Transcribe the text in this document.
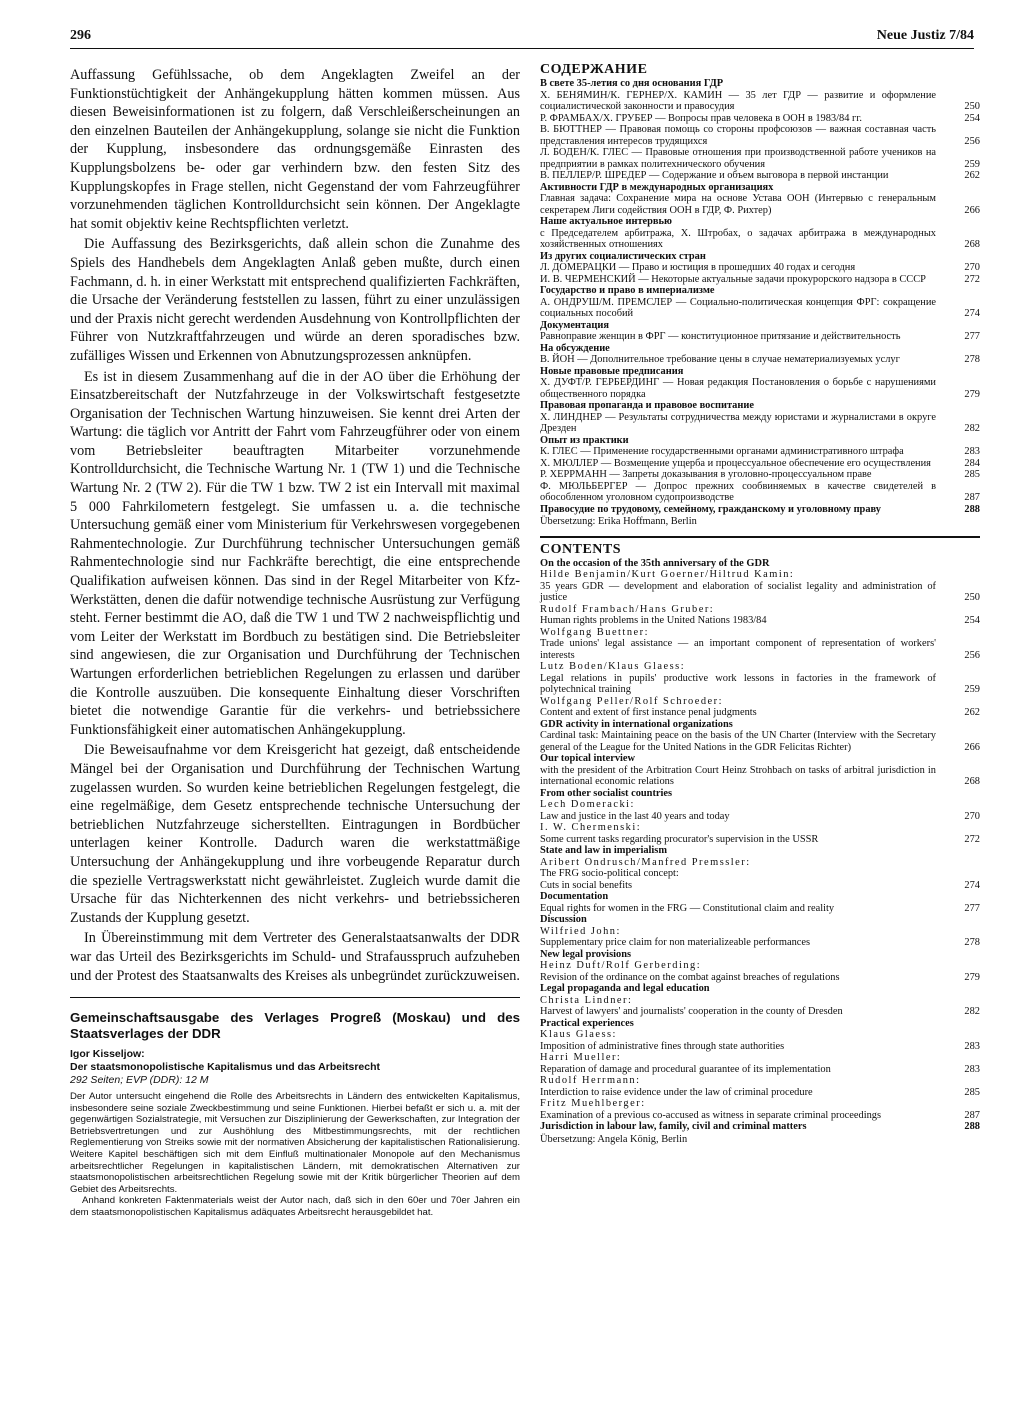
296	Neue Justiz 7/84

Auffassung Gefühlssache, ob dem Angeklagten Zweifel an der Funktionstüchtigkeit der Anhängekupplung hätten kommen müssen. Aus diesen Beweisinformationen ist zu folgern, daß Verschleißerscheinungen an den einzelnen Bauteilen der Anhängekupplung, solange sie nicht die Funktion der Kupplung, insbesondere das ordnungsgemäße Einrasten des Kupplungsbolzens be- oder gar verhindern bzw. den festen Sitz des Kupplungskopfes in Frage stellen, nicht Gegenstand der vom Fahrzeugführer vorzunehmenden täglichen Kontrolldurchsicht sein können. Der Angeklagte hat somit objektiv keine Rechtspflichten verletzt.

Die Auffassung des Bezirksgerichts, daß allein schon die Zunahme des Spiels des Handhebels dem Angeklagten Anlaß geben mußte, durch einen Fachmann, d. h. in einer Werkstatt mit entsprechend qualifizierten Fachkräften, die Ursache der Veränderung feststellen zu lassen, führt zu einer unzulässigen und der Praxis nicht gerecht werdenden Ausdehnung von Kontrollpflichten der Führer von Nutzkraftfahrzeugen und würde an deren sporadisches bzw. zufälliges Wissen und Erkennen von Abnutzungsprozessen anknüpfen.

Es ist in diesem Zusammenhang auf die in der AO über die Erhöhung der Einsatzbereitschaft der Nutzfahrzeuge in der Volkswirtschaft festgesetzte Organisation der Technischen Wartung hinzuweisen. Sie kennt drei Arten der Wartung: die täglich vor Antritt der Fahrt vom Fahrzeugführer oder von einem vom Betriebsleiter beauftragten Mitarbeiter vorzunehmende Kontrolldurchsicht, die Technische Wartung Nr. 1 (TW 1) und die Technische Wartung Nr. 2 (TW 2). Für die TW 1 bzw. TW 2 ist ein Intervall mit maximal 5 000 Fahrkilometern festgelegt. Sie umfassen u. a. die technische Untersuchung gemäß einer vom Ministerium für Verkehrswesen vorgegebenen Rahmentechnologie. Zur Durchführung technischer Untersuchungen gemäß Rahmentechnologie sind nur Fachkräfte berechtigt, die eine entsprechende Qualifikation aufweisen können. Das sind in der Regel Mitarbeiter von Kfz-Werkstätten, denen die dafür notwendige technische Ausrüstung zur Verfügung steht. Ferner bestimmt die AO, daß die TW 1 und TW 2 nachweispflichtig und vom Leiter der Werkstatt im Bordbuch zu bestätigen sind. Die Betriebsleiter sind angewiesen, die zur Organisation und Durchführung der Technischen Wartungen erforderlichen betrieblichen Regelungen zu erlassen und darüber die Kontrolle auszuüben. Die konsequente Einhaltung dieser Vorschriften bietet die notwendige Garantie für die verkehrs- und betriebssichere Funktionsfähigkeit einer automatischen Anhängekupplung.

Die Beweisaufnahme vor dem Kreisgericht hat gezeigt, daß entscheidende Mängel bei der Organisation und Durchführung der Technischen Wartung zugelassen wurden. So wurden keine betrieblichen Regelungen festgelegt, die eine regelmäßige, dem Gesetz entsprechende technische Untersuchung der betrieblichen Nutzfahrzeuge sicherstellten. Eintragungen in Bordbücher unterlagen keiner Kontrolle. Dadurch waren die werkstattmäßige Untersuchung der Anhängekupplung und ihre vorbeugende Reparatur durch die spezielle Vertragswerkstatt nicht gewährleistet. Zugleich wurde damit die Ursache für das Nichterkennen des nicht verkehrs- und betriebssicheren Zustands der Kupplung gesetzt.

In Übereinstimmung mit dem Vertreter des Generalstaatsanwalts der DDR war das Urteil des Bezirksgerichts im Schuld- und Strafausspruch aufzuheben und der Protest des Staatsanwalts des Kreises als unbegründet zurückzuweisen.

Gemeinschaftsausgabe des Verlages Progreß (Moskau) und des Staatsverlages der DDR
Igor Kisseljow:
Der staatsmonopolistische Kapitalismus und das Arbeitsrecht
292 Seiten; EVP (DDR): 12 M

Der Autor untersucht eingehend die Rolle des Arbeitsrechts in Ländern des entwickelten Kapitalismus, insbesondere seine soziale Zweckbestimmung und seine Funktionen. Hierbei befaßt er sich u. a. mit der gegenwärtigen Sozialstrategie, mit Versuchen zur Disziplinierung der Gewerkschaften, zur Integration der Betriebsvertretungen und zur Aushöhlung des Mitbestimmungsrechts, mit der rechtlichen Reglementierung von Streiks sowie mit der normativen Absicherung der kapitalistischen Rationalisierung. Weitere Kapitel beschäftigen sich mit dem Einfluß multinationaler Monopole auf den Mechanismus arbeitsrechtlicher Regelungen in kapitalistischen Ländern, mit demokratischen Alternativen zur staatsmonopolistischen arbeitsrechtlichen Regelung sowie mit der Kritik bürgerlicher Theorien auf dem Gebiet des Arbeitsrechts.

Anhand konkreten Faktenmaterials weist der Autor nach, daß sich in den 60er und 70er Jahren ein dem staatsmonopolistischen Kapitalismus adäquates Arbeitsrecht herausgebildet hat.

СОДЕРЖАНИЕ
В свете 35-летия со дня основания ГДР
Х. БЕНЯМИН/К. ГЕРНЕР/Х. КАМИН — 35 лет ГДР — развитие и оформление социалистической законности и правосудия	250
Р. ФРАМБАХ/Х. ГРУБЕР — Вопросы прав человека в ООН в 1983/84 гг.	254
В. БЮТТНЕР — Правовая помощь со стороны профсоюзов — важная составная часть представления интересов трудящихся	256
Л. БОДЕН/К. ГЛЕС — Правовые отношения при производственной работе учеников на предприятии в рамках политехнического обучения	259
В. ПЕЛЛЕР/Р. ШРЕДЕР — Содержание и объем выговора в первой инстанции	262
Активности ГДР в международных организациях
Главная задача: Сохранение мира на основе Устава ООН (Интервью с генеральным секретарем Лиги содействия ООН в ГДР, Ф. Рихтер)	266
Наше актуальное интервью
с Председателем арбитража, Х. Штробах, о задачах арбитража в международных хозяйственных отношениях	268
Из других социалистических стран
Л. ДОМЕРАЦКИ — Право и юстиция в прошедших 40 годах и сегодня	270
И. В. ЧЕРМЕНСКИЙ — Некоторые актуальные задачи прокурорского надзора в СССР	272
Государство и право в империализме
А. ОНДРУШ/М. ПРЕМСЛЕР — Социально-политическая концепция ФРГ: сокращение социальных пособий	274
Документация
Равноправие женщин в ФРГ — конституционное притязание и действительность	277
На обсуждение
В. ЙОН — Дополнительное требование цены в случае нематериализуемых услуг	278
Новые правовые предписания
Х. ДУФТ/Р. ГЕРБЕРДИНГ — Новая редакция Постановления о борьбе с нарушениями общественного порядка	279
Правовая пропаганда и правовое воспитание
Х. ЛИНДНЕР — Результаты сотрудничества между юристами и журналистами в округе Дрезден	282
Опыт из практики
К. ГЛЕС — Применение государственными органами административного штрафа	283
Х. МЮЛЛЕР — Возмещение ущерба и процессуальное обеспечение его осуществления	284
Р. ХЕРРМАНН — Запреты доказывания в уголовно-процессуальном праве	285
Ф. МЮЛЬБЕРГЕР — Допрос прежних сообвиняемых в качестве свидетелей в обособленном уголовном судопроизводстве	287
Правосудие по трудовому, семейному, гражданскому и уголовному праву	288
Übersetzung: Erika Hoffmann, Berlin
CONTENTS
On the occasion of the 35th anniversary of the GDR
Hilde Benjamin/Kurt Goerner/Hiltrud Kamin:
35 years GDR — development and elaboration of socialist legality and administration of justice	250
Rudolf Frambach/Hans Gruber:
Human rights problems in the United Nations 1983/84	254
Wolfgang Buettner:
Trade unions' legal assistance — an important component of representation of workers' interests	256
Lutz Boden/Klaus Glaess:
Legal relations in pupils' productive work lessons in factories in the framework of polytechnical training	259
Wolfgang Peller/Rolf Schroeder:
Content and extent of first instance penal judgments	262
GDR activity in international organizations
Cardinal task: Maintaining peace on the basis of the UN Charter (Interview with the Secretary general of the League for the United Nations in the GDR Felicitas Richter)	266
Our topical interview
with the president of the Arbitration Court Heinz Strohbach on tasks of arbitral jurisdiction in international economic relations	268
From other socialist countries
Lech Domeracki:
Law and justice in the last 40 years and today	270
I. W. Chermenski:
Some current tasks regarding procurator's supervision in the USSR	272
State and law in imperialism
Aribert Ondrusch/Manfred Premssler:
The FRG socio-political concept:
Cuts in social benefits	274
Documentation
Equal rights for women in the FRG — Constitutional claim and reality	277
Discussion
Wilfried John:
Supplementary price claim for non materializeable performances	278
New legal provisions
Heinz Duft/Rolf Gerberding:
Revision of the ordinance on the combat against breaches of regulations	279
Legal propaganda and legal education
Christa Lindner:
Harvest of lawyers' and journalists' cooperation in the county of Dresden	282
Practical experiences
Klaus Glaess:
Imposition of administrative fines through state authorities	283
Harri Mueller:
Reparation of damage and procedural guarantee of its implementation	283
Rudolf Herrmann:
Interdiction to raise evidence under the law of criminal procedure	285
Fritz Muehlberger:
Examination of a previous co-accused as witness in separate criminal proceedings	287
Jurisdiction in labour law, family, civil and criminal matters	288
Übersetzung: Angela König, Berlin
